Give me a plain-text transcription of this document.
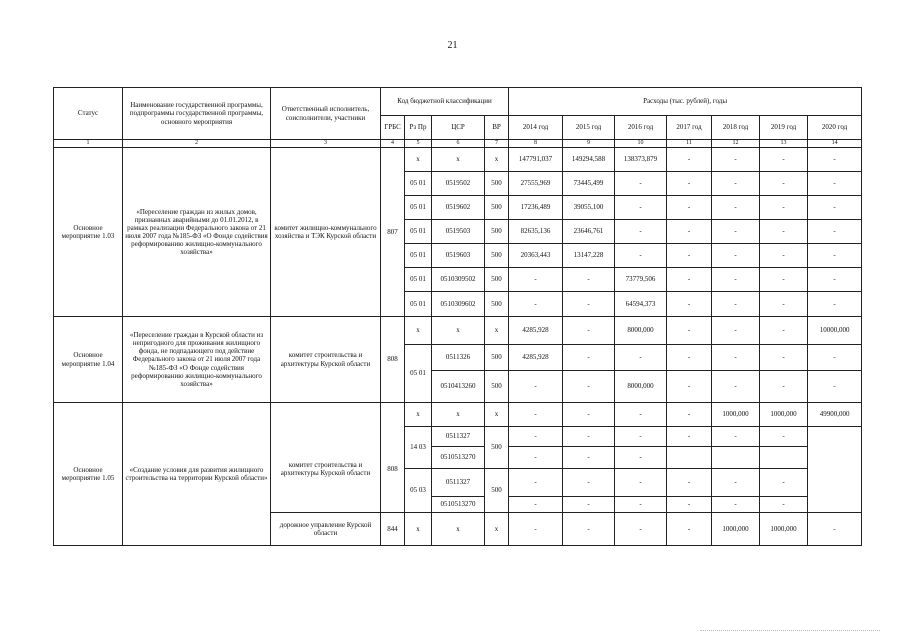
21
Статус	Наименование государственной программы, подпрограммы государственной программы, основного мероприятия	Ответственный исполнитель, соисполнители, участники	Код бюджетной классификации				Расходы (тыс. рублей), годы						
			ГРБС	Рз Пр	ЦСР	ВР	2014 год	2015 год	2016 год	2017 год	2018 год	2019 год	2020 год
1	2	3	4	5	6	7	8	9	10	11	12	13	14
Основное мероприятие 1.03	«Переселение граждан из жилых домов, признанных аварийными до 01.01.2012, в рамках реализации Федерального закона от 21 июля 2007 года №185-ФЗ «О Фонде содействия реформированию жилищно-коммунального хозяйства»	комитет жилищно-коммунального хозяйства и ТЭК Курской области	807	х	х	х	147791,037	149294,588	138373,879	-	-	-	-
				05 01	0519502	500	27555,969	73445,499	-	-	-	-	-
				05 01	0519602	500	17236,489	39055,100	-	-	-	-	-
				05 01	0519503	500	82635,136	23646,761	-	-	-	-	-
				05 01	0519603	500	20363,443	13147,228	-	-	-	-	-
				05 01	0510309502	500	-	-	73779,506	-	-	-	-
				05 01	0510309602	500	-	-	64594,373	-	-	-	-
Основное мероприятие 1.04	«Переселение граждан в Курской области из непригодного для проживания жилищного фонда, не подпадающего под действие Федерального закона от 21 июля 2007 года №185-ФЗ «О Фонде содействия реформированию жилищно-коммунального хозяйства»	комитет строительства и архитектуры Курской области	808	х	х	х	4285,928	-	8000,000	-	-	-	10000,000
				05 01	0511326	500	4285,928	-	-	-	-	-	-
					0510413260	500	-	-	8000,000	-	-	-	-
Основное мероприятие 1.05	«Создание условия для развития жилищного строительства на территории Курской области»			х	х	х	-	-	-	-	1000,000	1000,000	49900,000
		комитет строительства и архитектуры Курской области	808	14 03	0511327	500	-	-	-	-	-	-	
					0510513270		-	-	-				
				05 03	0511327	500	-	-	-	-	-	-	
					0510513270		-	-	-	-	-	-	
		дорожное управление Курской области	844	х	х	х	-	-	-	-	1000,000	1000,000	-
